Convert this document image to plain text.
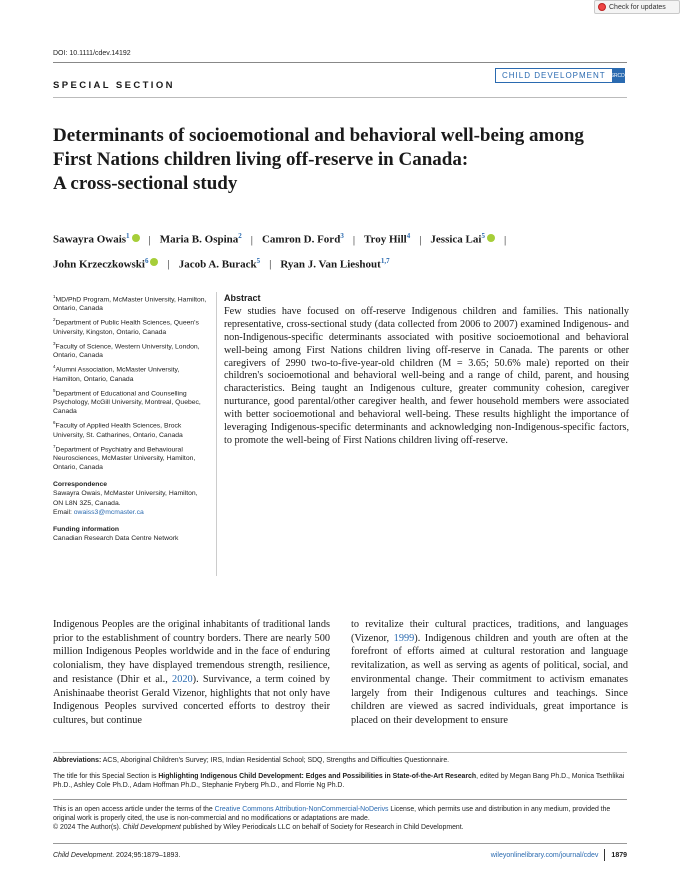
Check for updates
DOI: 10.1111/cdev.14192
SPECIAL SECTION
CHILD DEVELOPMENT SRCD
Determinants of socioemotional and behavioral well-being among
First Nations children living off-reserve in Canada:
A cross-sectional study
Sawayra Owais$^1$ | Maria B. Ospina$^2$ | Camron D. Ford$^3$ | Troy Hill$^4$ | Jessica Lai$^5$ |
John Krzeczkowski$^6$ | Jacob A. Burack$^5$ | Ryan J. Van Lieshout$^{1,7}$
$^1$MD/PhD Program, McMaster University, Hamilton, Ontario, Canada
$^2$Department of Public Health Sciences, Queen's University, Kingston, Ontario, Canada
$^3$Faculty of Science, Western University, London, Ontario, Canada
$^4$Alumni Association, McMaster University, Hamilton, Ontario, Canada
$^5$Department of Educational and Counselling Psychology, McGill University, Montreal, Quebec, Canada
$^6$Faculty of Applied Health Sciences, Brock University, St. Catharines, Ontario, Canada
$^7$Department of Psychiatry and Behavioural Neurosciences, McMaster University, Hamilton, Ontario, Canada
Correspondence
Sawayra Owais, McMaster University, Hamilton, ON L8N 3Z5, Canada.
Email: owaiss3@mcmaster.ca
Funding information
Canadian Research Data Centre Network
Abstract
Few studies have focused on off-reserve Indigenous children and families. This nationally representative, cross-sectional study (data collected from 2006 to 2007) examined Indigenous- and non-Indigenous-specific determinants associated with positive socioemotional and behavioral well-being among First Nations children living off-reserve in Canada. The parents or other caregivers of 2990 two-to-five-year-old children (M = 3.65; 50.6% male) reported on their children's socioemotional and behavioral well-being and a range of child, parent, and housing characteristics. Being taught an Indigenous culture, greater community cohesion, caregiver nurturance, good parental/other caregiver health, and fewer household members were associated with better socioemotional and behavioral well-being. These results highlight the importance of leveraging Indigenous-specific determinants and acknowledging non-Indigenous-specific factors, to promote the well-being of First Nations children living off-reserve.
Indigenous Peoples are the original inhabitants of traditional lands prior to the establishment of country borders. There are nearly 500 million Indigenous Peoples worldwide and in the face of enduring colonialism, they have displayed tremendous strength, resilience, and resistance (Dhir et al., 2020). Survivance, a term coined by Anishinaabe theorist Gerald Vizenor, highlights that not only have Indigenous Peoples survived concerted efforts to destroy their cultures, but continue
to revitalize their cultural practices, traditions, and languages (Vizenor, 1999). Indigenous children and youth are often at the forefront of efforts aimed at cultural restoration and language revitalization, as well as serving as agents of political, social, and environmental change. Their commitment to activism emanates largely from their Indigenous cultures and teachings. Since children are viewed as sacred individuals, great importance is placed on their development to ensure
Abbreviations: ACS, Aboriginal Children's Survey; IRS, Indian Residential School; SDQ, Strengths and Difficulties Questionnaire.
The title for this Special Section is Highlighting Indigenous Child Development: Edges and Possibilities in State-of-the-Art Research, edited by Megan Bang Ph.D., Monica Tsethlikai Ph.D., Ashley Cole Ph.D., Adam Hoffman Ph.D., Stephanie Fryberg Ph.D., and Florrie Ng Ph.D.
This is an open access article under the terms of the Creative Commons Attribution-NonCommercial-NoDerivs License, which permits use and distribution in any medium, provided the original work is properly cited, the use is non-commercial and no modifications or adaptations are made.
© 2024 The Author(s). Child Development published by Wiley Periodicals LLC on behalf of Society for Research in Child Development.
Child Development. 2024;95:1879–1893.	wileyonlinelibrary.com/journal/cdev 1879
